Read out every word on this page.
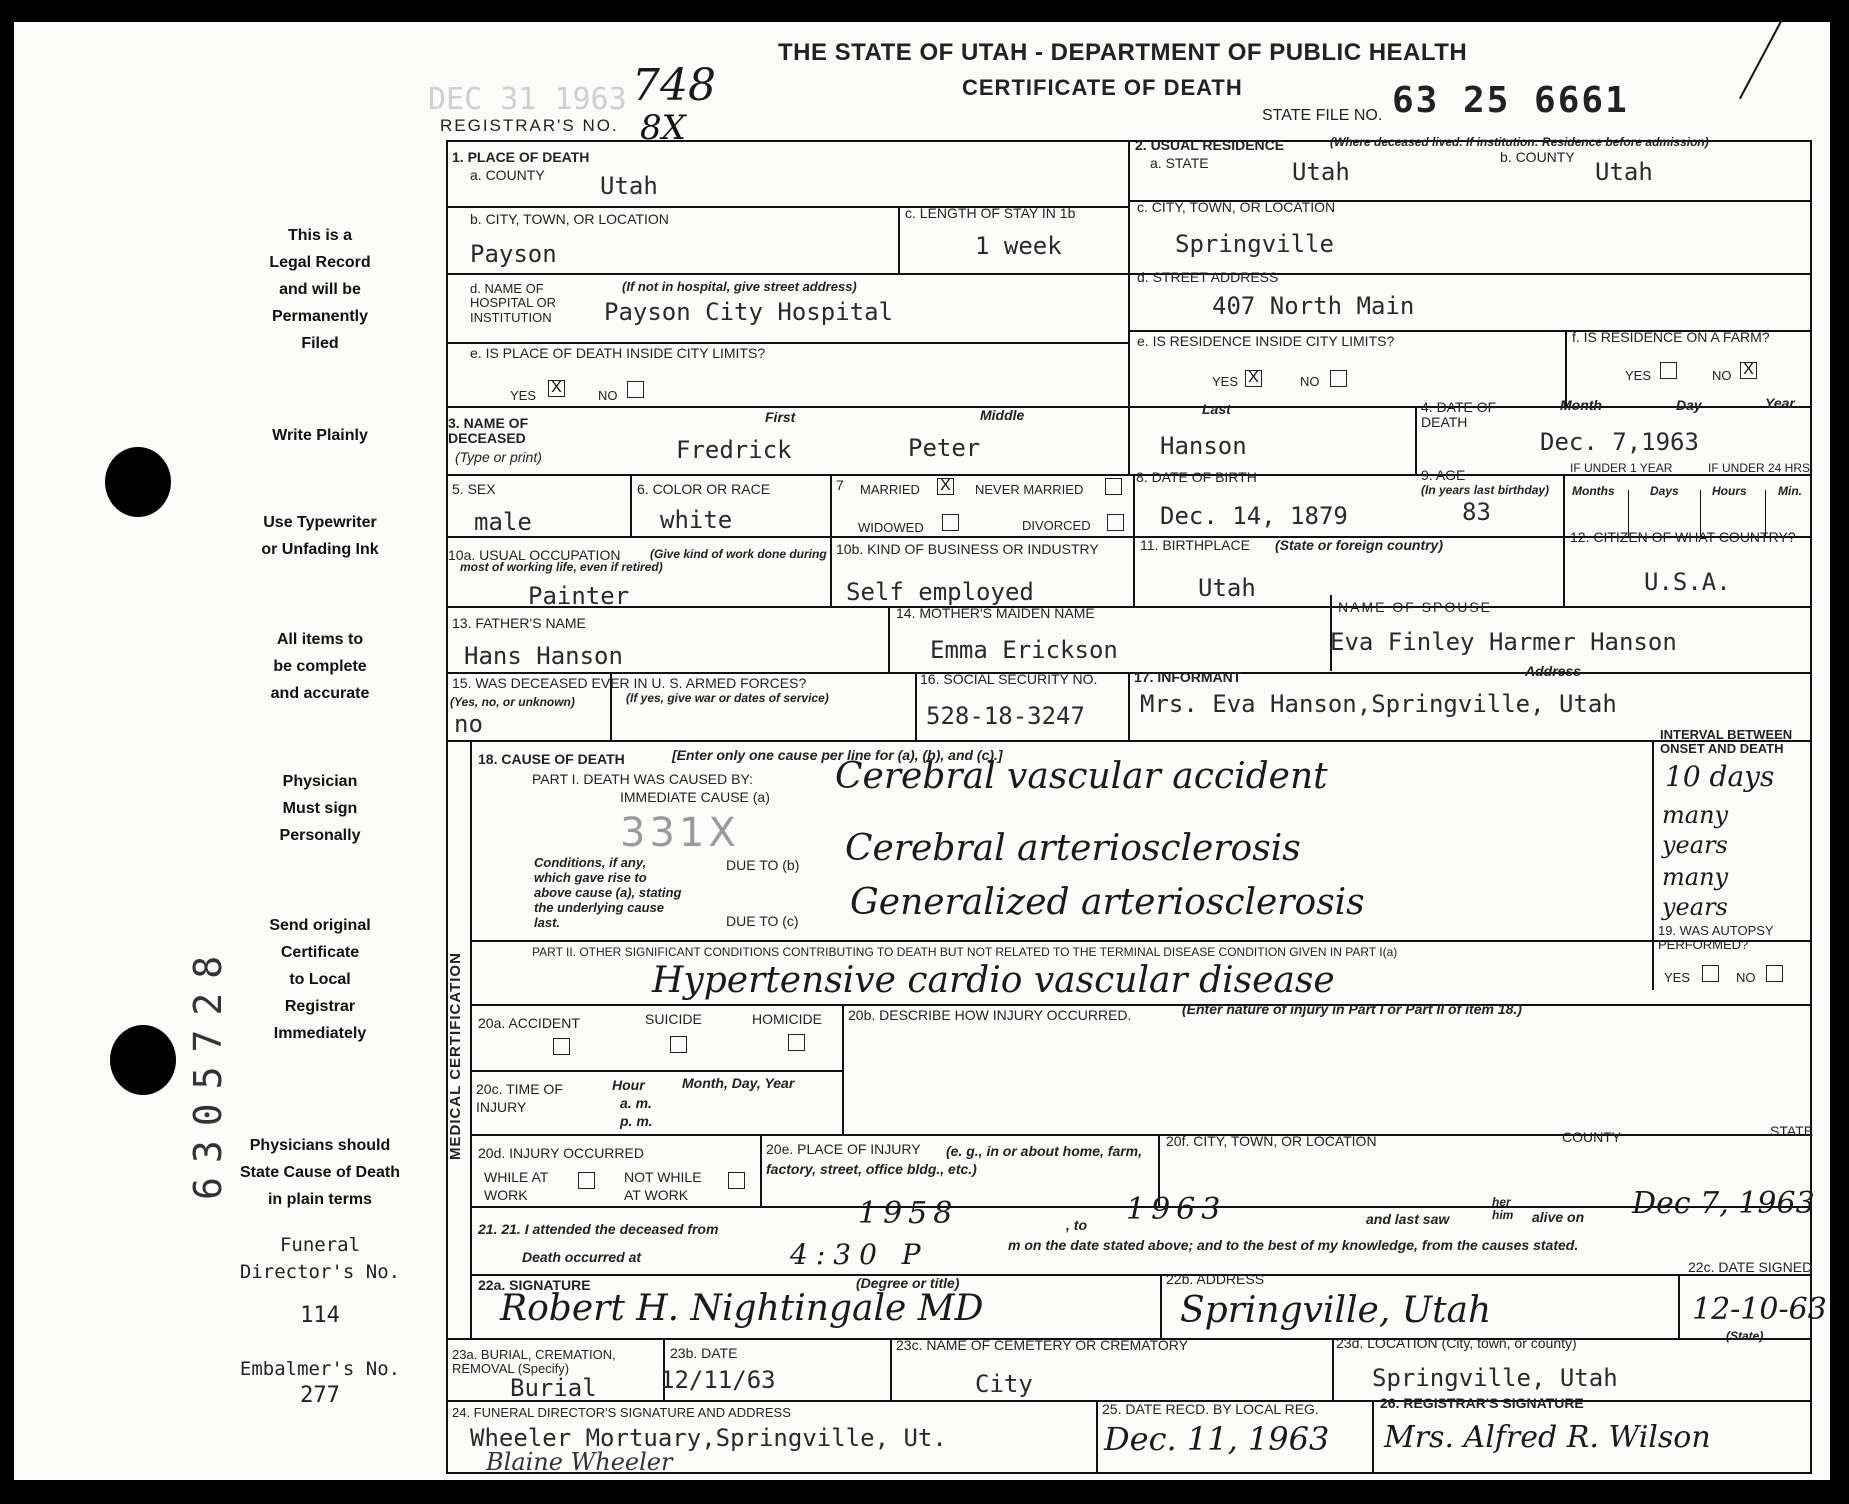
DEC 31 1963 748
REGISTRAR'S NO. 8X
THE STATE OF UTAH - DEPARTMENT OF PUBLIC HEALTH
CERTIFICATE OF DEATH
STATE FILE NO. 63 25 6661
This is a
Legal Record
and will be
Permanently
Filed
Write Plainly
Use Typewriter
or Unfading Ink
All items to
be complete
and accurate
Physician
Must sign
Personally
Send original
Certificate
to Local
Registrar
Immediately
Physicians should
State Cause of Death
in plain terms
Funeral
Director's No.
114
Embalmer's No.
277
6305728
1. PLACE OF DEATH
a. COUNTY Utah
b. CITY, TOWN, OR LOCATION
Payson
c. LENGTH OF STAY IN 1b
1 week
d. NAME OF HOSPITAL OR INSTITUTION
(If not in hospital, give street address)
Payson City Hospital
e. IS PLACE OF DEATH INSIDE CITY LIMITS?
YES X	NO
2. USUAL RESIDENCE	(Where deceased lived. If institution: Residence before admission)
a. STATE	Utah
b. COUNTY
Utah
c. CITY, TOWN, OR LOCATION
Springville
d. STREET ADDRESS
407 North Main
e. IS RESIDENCE INSIDE CITY LIMITS?
YES X	NO
f. IS RESIDENCE ON A FARM?
YES	NO X
3. NAME OF DECEASED
(Type or print)
First	Middle	Last
Fredrick	Peter	Hanson
4. DATE OF DEATH
Month	Day	Year
Dec. 7,1963
5. SEX
male
6. COLOR OR RACE
white
7 MARRIED X NEVER MARRIED
WIDOWED	DIVORCED
8. DATE OF BIRTH
Dec. 14, 1879
9. AGE
(In years last birthday)
83
IF UNDER 1 YEAR	IF UNDER 24 HRS.
Months	Days	Hours	Min.
10a. USUAL OCCUPATION	(Give kind of work done during most of working life, even if retired)
Painter
10b. KIND OF BUSINESS OR INDUSTRY
Self employed
11. BIRTHPLACE (State or foreign country)
Utah
12. CITIZEN OF WHAT COUNTRY?
U.S.A.
13. FATHER'S NAME
Hans Hanson
14. MOTHER'S MAIDEN NAME
Emma Erickson
NAME OF SPOUSE
Eva Finley Harmer Hanson
15. WAS DECEASED EVER IN U. S. ARMED FORCES?
(Yes, no, or unknown)	(If yes, give war or dates of service)
no
16. SOCIAL SECURITY NO.
528-18-3247
17. INFORMANT	Address
Mrs. Eva Hanson,Springville, Utah
MEDICAL CERTIFICATION
18. CAUSE OF DEATH	[Enter only one cause per line for (a), (b), and (c).]
PART I. DEATH WAS CAUSED BY:
IMMEDIATE CAUSE (a) Cerebral vascular accident
331X
Conditions, if any, which gave rise to above cause (a), stating the underlying cause last.
DUE TO (b) Cerebral arteriosclerosis
DUE TO (c) Generalized arteriosclerosis
INTERVAL BETWEEN ONSET AND DEATH
10 days
many years
many years
PART II. OTHER SIGNIFICANT CONDITIONS CONTRIBUTING TO DEATH BUT NOT RELATED TO THE TERMINAL DISEASE CONDITION GIVEN IN PART I(a)
Hypertensive cardio vascular disease
19. WAS AUTOPSY PERFORMED?
YES	NO
20a. ACCIDENT	SUICIDE	HOMICIDE 20b. DESCRIBE HOW INJURY OCCURRED.	(Enter nature of injury in Part I or Part II of item 18.)
20c. TIME OF INJURY
Hour
a. m.
p. m.
Month, Day, Year
20d. INJURY OCCURRED
WHILE AT WORK
NOT WHILE AT WORK
20e. PLACE OF INJURY	(e. g., in or about home, farm, factory, street, office bldg., etc.)
20f. CITY, TOWN, OR LOCATION	COUNTY	STATE
21. 21. I attended the deceased from	1958	, to 1963	and last saw
her him	alive on Dec 7, 1963
Death occurred at	4:30 P	m on the date stated above; and to the best of my knowledge, from the causes stated.
22a. SIGNATURE	(Degree or title)
Robert H. Nightingale MD
22b. ADDRESS
Springville, Utah
22c. DATE SIGNED
12-10-63
23a. BURIAL, CREMATION, REMOVAL (Specify)
Burial
23b. DATE
12/11/63
23c. NAME OF CEMETERY OR CREMATORY
City
23d. LOCATION (City, town, or county)	(State)
Springville, Utah
24. FUNERAL DIRECTOR'S SIGNATURE AND ADDRESS
Wheeler Mortuary,Springville, Ut.
Blaine Wheeler
25. DATE RECD. BY LOCAL REG.
Dec. 11, 1963
26. REGISTRAR'S SIGNATURE
Mrs. Alfred R. Wilson
